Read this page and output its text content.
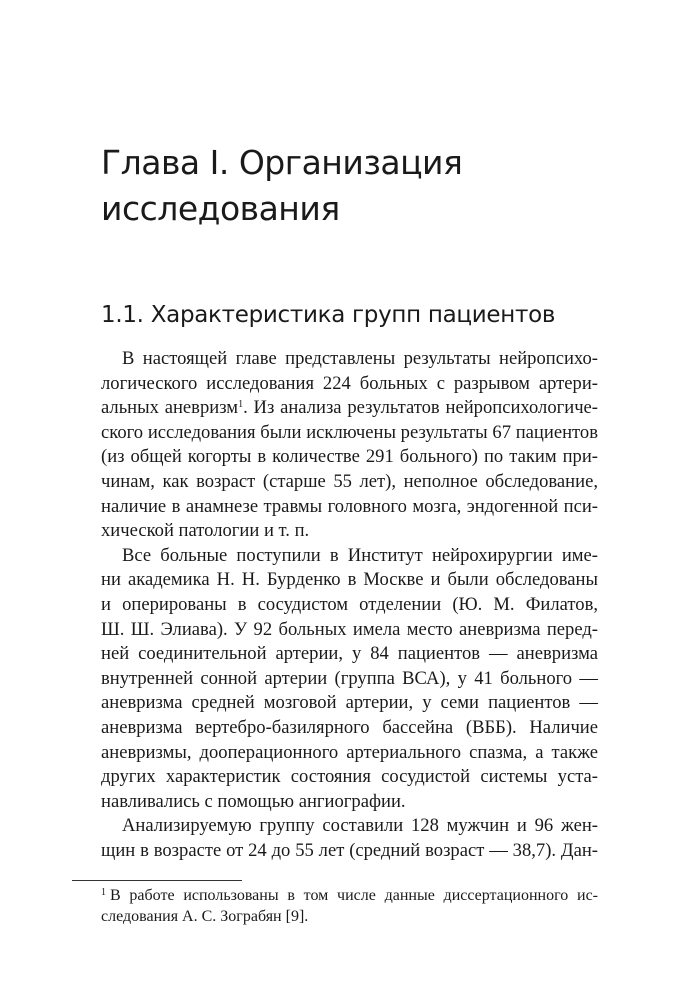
Глава I. Организация
исследования
1.1. Характеристика групп пациентов
В настоящей главе представлены результаты нейропсихо-
логического исследования 224 больных с разрывом артери-
альных аневризм$^1$. Из анализа результатов нейропсихологиче-
ского исследования были исключены результаты 67 пациентов
(из общей когорты в количестве 291 больного) по таким при-
чинам, как возраст (старше 55 лет), неполное обследование,
наличие в анамнезе травмы головного мозга, эндогенной пси-
хической патологии и т. п.
Все больные поступили в Институт нейрохирургии име-
ни академика Н. Н. Бурденко в Москве и были обследованы
и оперированы в сосудистом отделении (Ю. М. Филатов,
Ш. Ш. Элиава). У 92 больных имела место аневризма перед-
ней соединительной артерии, у 84 пациентов — аневризма
внутренней сонной артерии (группа ВСА), у 41 больного —
аневризма средней мозговой артерии, у семи пациентов —
аневризма вертебро-базилярного бассейна (ВББ). Наличие
аневризмы, дооперационного артериального спазма, а также
других характеристик состояния сосудистой системы уста-
навливались с помощью ангиографии.
Анализируемую группу составили 128 мужчин и 96 жен-
щин в возрасте от 24 до 55 лет (средний возраст — 38,7). Дан-
$^1$ В работе использованы в том числе данные диссертационного ис-
следования А. С. Зограбян [9].
